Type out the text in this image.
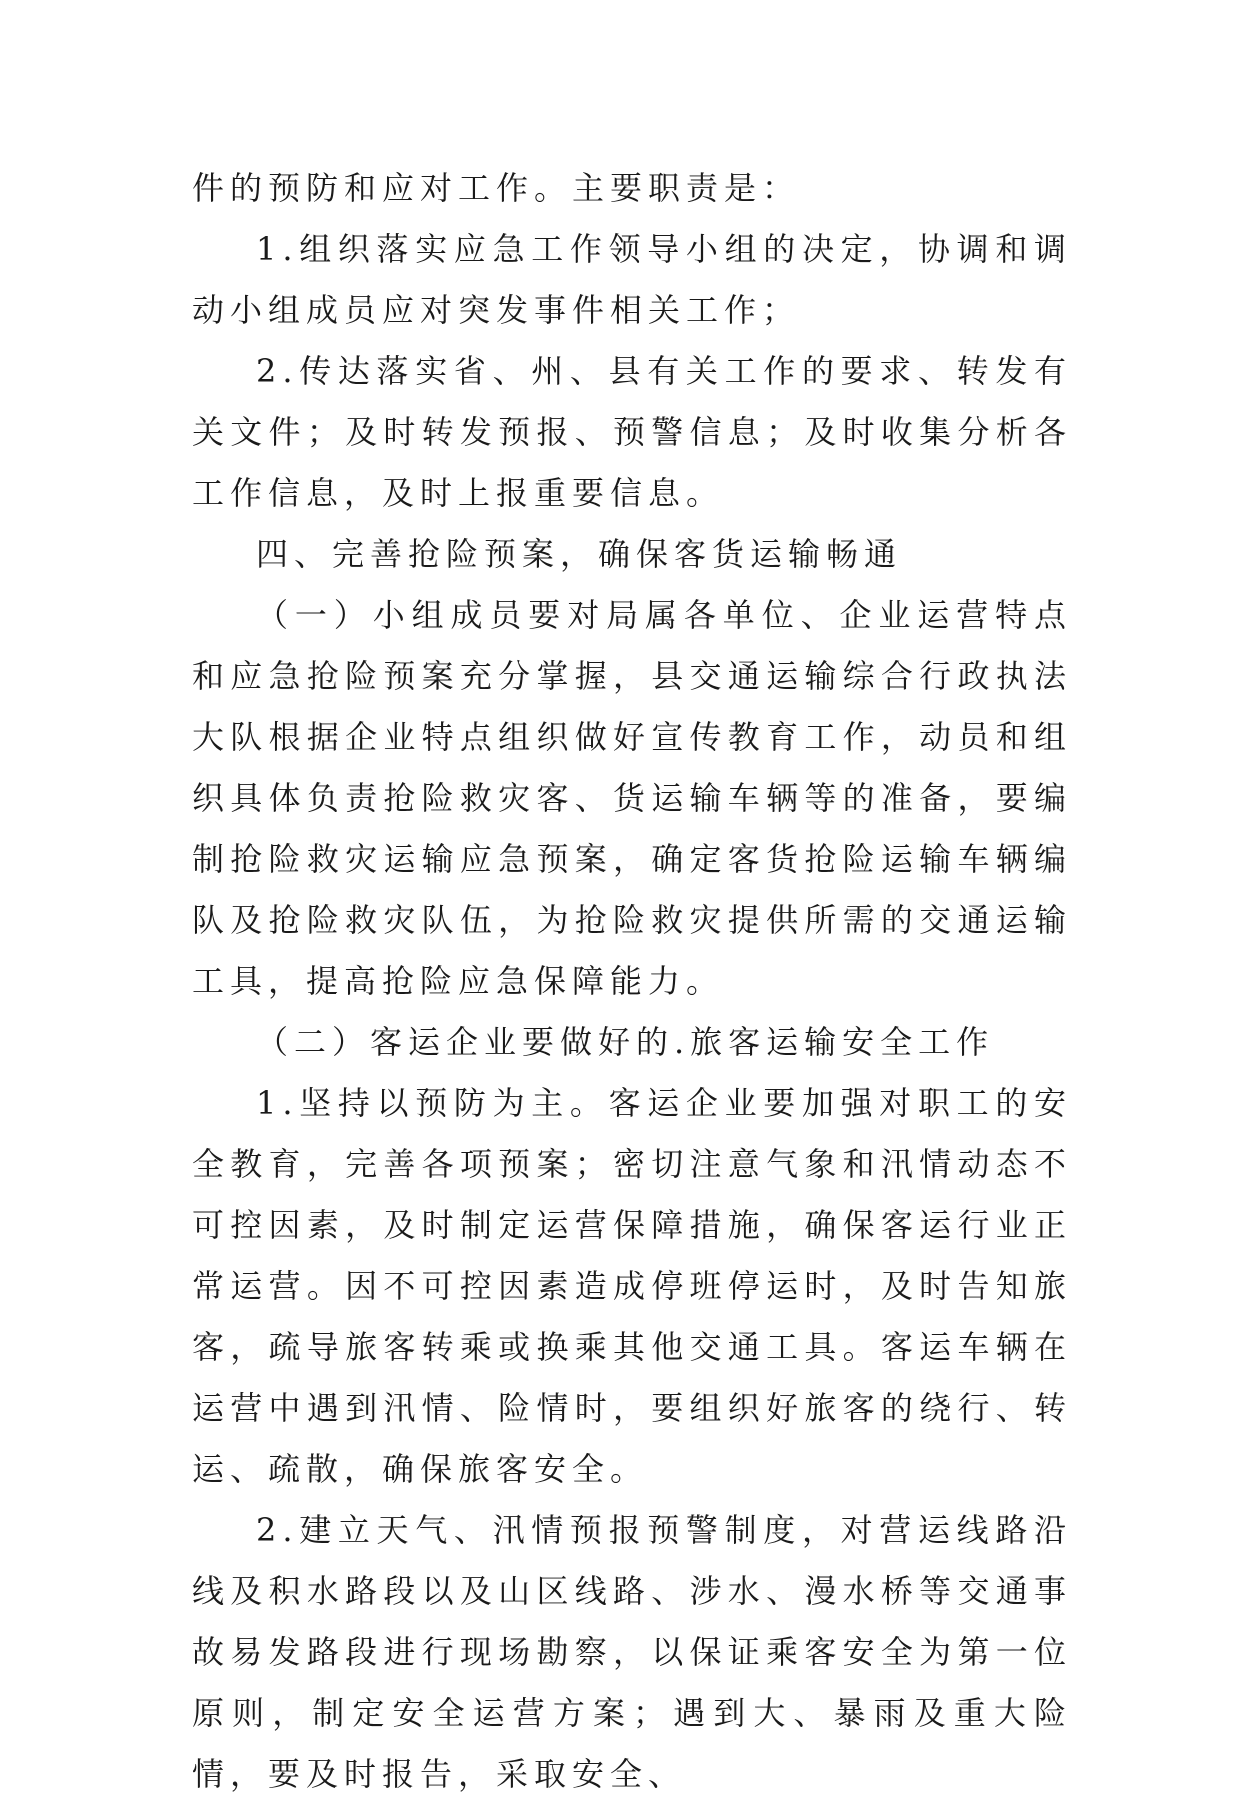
件的预防和应对工作。主要职责是：

1.组织落实应急工作领导小组的决定，协调和调动小组成员应对突发事件相关工作；

2.传达落实省、州、县有关工作的要求、转发有关文件；及时转发预报、预警信息；及时收集分析各工作信息，及时上报重要信息。

四、完善抢险预案，确保客货运输畅通

（一）小组成员要对局属各单位、企业运营特点和应急抢险预案充分掌握，县交通运输综合行政执法大队根据企业特点组织做好宣传教育工作，动员和组织具体负责抢险救灾客、货运输车辆等的准备，要编制抢险救灾运输应急预案，确定客货抢险运输车辆编队及抢险救灾队伍，为抢险救灾提供所需的交通运输工具，提高抢险应急保障能力。

（二）客运企业要做好的.旅客运输安全工作

1.坚持以预防为主。客运企业要加强对职工的安全教育，完善各项预案；密切注意气象和汛情动态不可控因素，及时制定运营保障措施，确保客运行业正常运营。因不可控因素造成停班停运时，及时告知旅客，疏导旅客转乘或换乘其他交通工具。客运车辆在运营中遇到汛情、险情时，要组织好旅客的绕行、转运、疏散，确保旅客安全。

2.建立天气、汛情预报预警制度，对营运线路沿线及积水路段以及山区线路、涉水、漫水桥等交通事故易发路段进行现场勘察，以保证乘客安全为第一位原则，制定安全运营方案；遇到大、暴雨及重大险情，要及时报告，采取安全、
